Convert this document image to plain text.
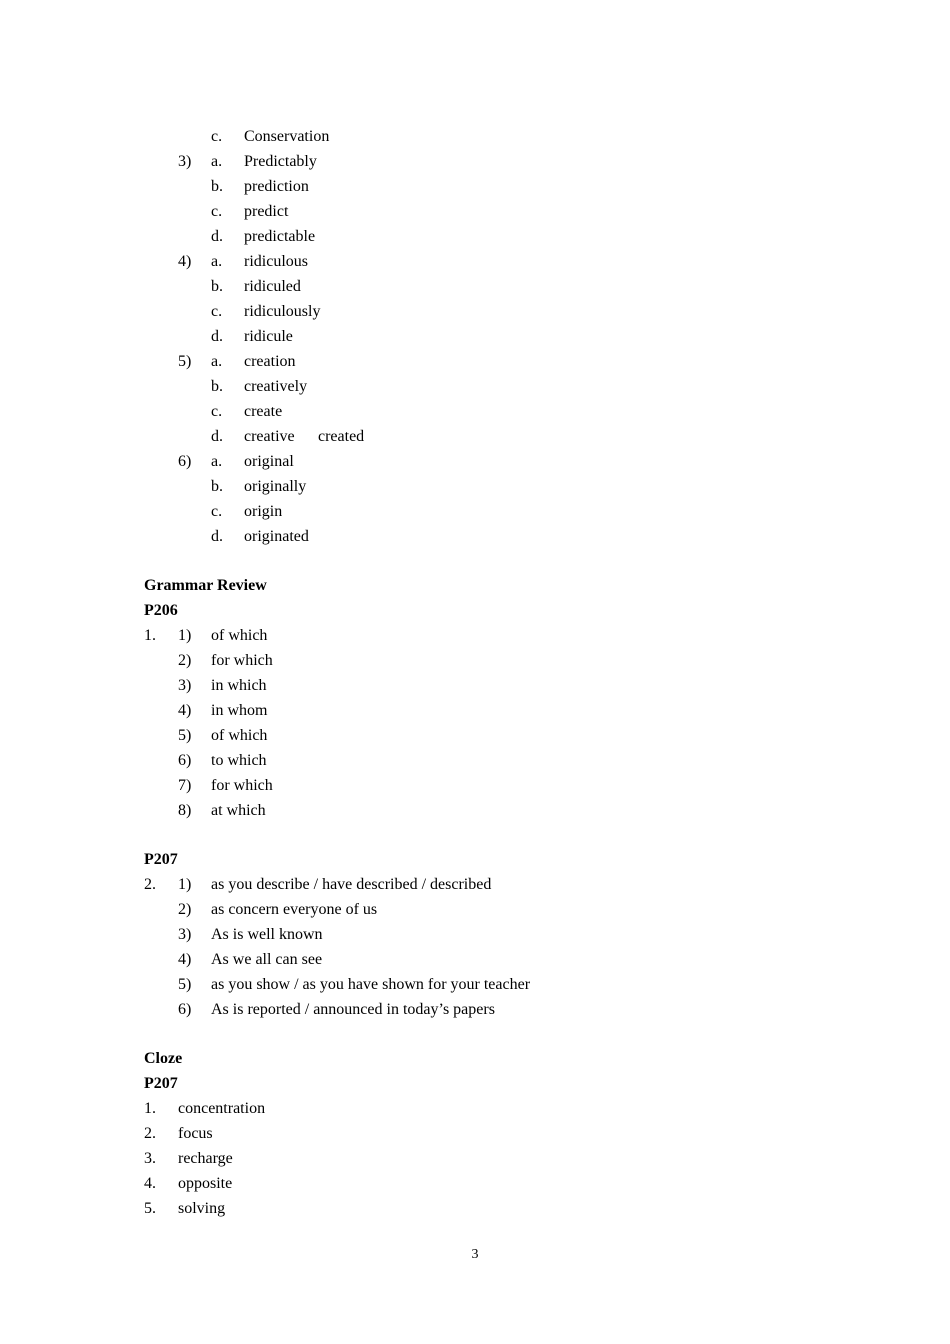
c. Conservation
3) a. Predictably
b. prediction
c. predict
d. predictable
4) a. ridiculous
b. ridiculed
c. ridiculously
d. ridicule
5) a. creation
b. creatively
c. create
d. creative created
6) a. original
b. originally
c. origin
d. originated
Grammar Review
P206
1. 1) of which
2) for which
3) in which
4) in whom
5) of which
6) to which
7) for which
8) at which
P207
2. 1) as you describe / have described / described
2) as concern everyone of us
3) As is well known
4) As we all can see
5) as you show / as you have shown for your teacher
6) As is reported / announced in today’s papers
Cloze
P207
1. concentration
2. focus
3. recharge
4. opposite
5. solving
3
